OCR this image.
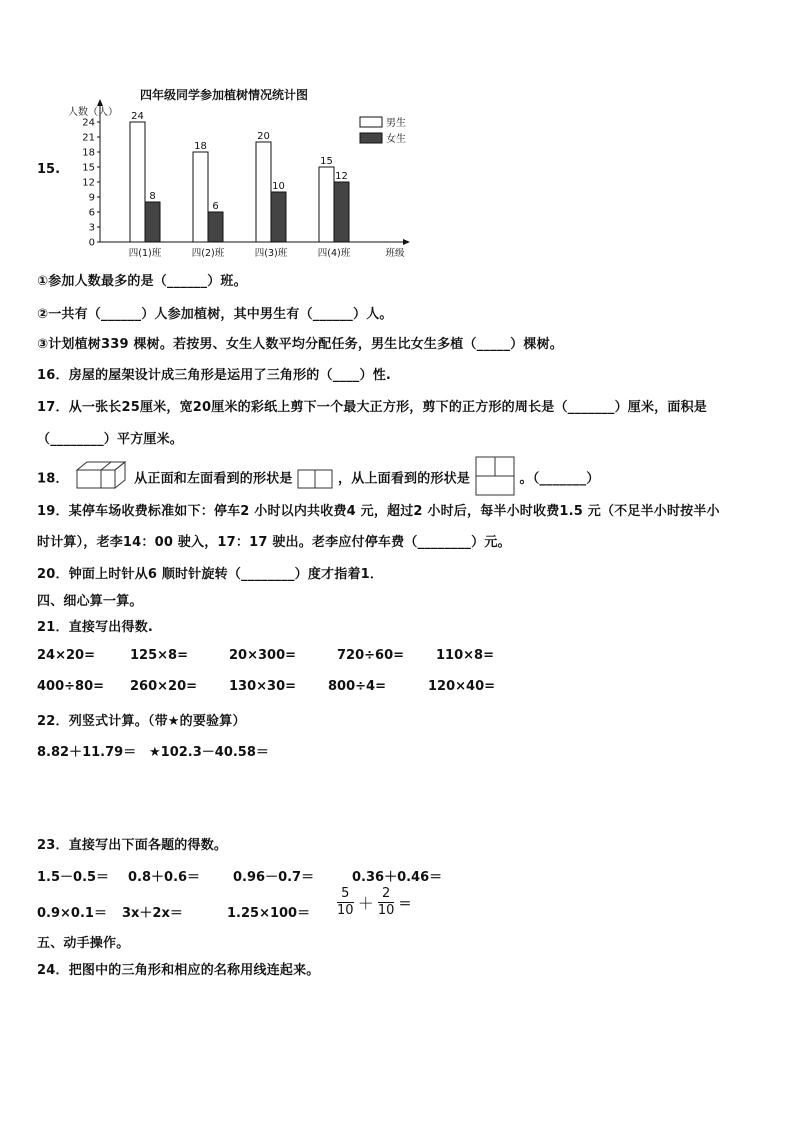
15.
四年级同学参加植树情况统计图
人数（人）
0
3
6
9
12
15
18
21
24
24
8
四(1)班
18
6
四(2)班
20
10
四(3)班
15
12
四(4)班	班级
男生
女生
①参加人数最多的是（______）班。
②一共有（______）人参加植树，其中男生有（______）人。
③计划植树339 棵树。若按男、女生人数平均分配任务，男生比女生多植（_____）棵树。
16．房屋的屋架设计成三角形是运用了三角形的（____）性.
17．从一张长25厘米，宽20厘米的彩纸上剪下一个最大正方形，剪下的正方形的周长是（_______）厘米，面积是
（________）平方厘米。
18．	从正面和左面看到的形状是	，从上面看到的形状是	。（_______）
19．某停车场收费标准如下：停车2 小时以内共收费4 元，超过2 小时后，每半小时收费1.5 元（不足半小时按半小
时计算），老李14：00 驶入，17：17 驶出。老李应付停车费（________）元。
20．钟面上时针从6 顺时针旋转（________）度才指着1．
四、细心算一算。
21．直接写出得数.
24×20=	125×8=	20×300=	720÷60= 110×8=
400÷80= 260×20= 130×30= 800÷4=	120×40=
22．列竖式计算。（带★的要验算）
8.82＋11.79＝ ★102.3－40.58＝
23．直接写出下面各题的得数。
1.5－0.5＝ 0.8＋0.6＝	0.96－0.7＝	0.36＋0.46＝
0.9×0.1＝ 3x＋2x＝	$1.25\times 100= \frac{5}{10} + \frac{2}{10}$ ＝
五、动手操作。
24．把图中的三角形和相应的名称用线连起来。
